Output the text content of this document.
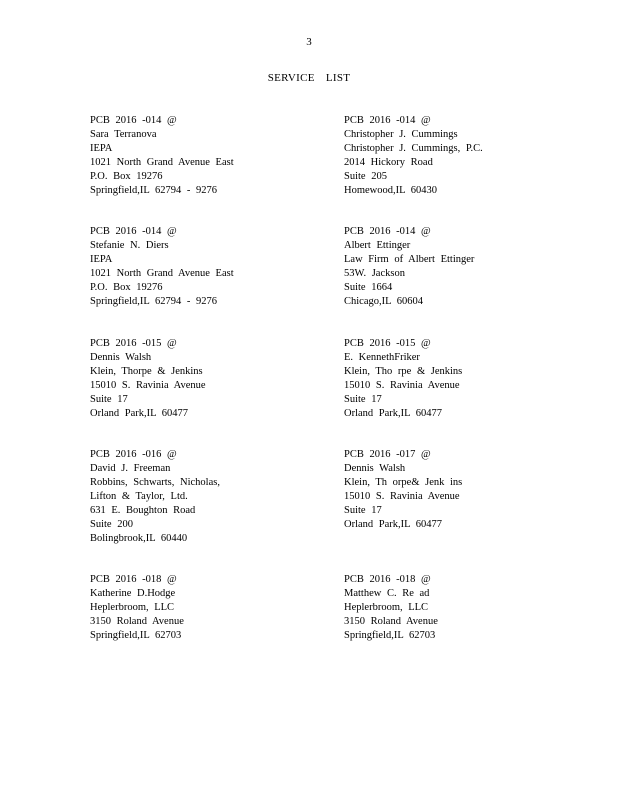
3
SERVICE LIST
PCB 2016 -014 @
Sara Terranova
IEPA
1021 North Grand Avenue East
P.O. Box 19276
Springfield,IL 62794 - 9276
PCB 2016 -014 @
Christopher J. Cummings
Christopher J. Cummings, P.C.
2014 Hickory Road
Suite 205
Homewood,IL 60430
PCB 2016 -014 @
Stefanie N. Diers
IEPA
1021 North Grand Avenue East
P.O. Box 19276
Springfield,IL 62794 - 9276
PCB 2016 -014 @
Albert Ettinger
Law Firm of Albert Ettinger
53W. Jackson
Suite 1664
Chicago,IL 60604
PCB 2016 -015 @
Dennis Walsh
Klein, Thorpe & Jenkins
15010 S. Ravinia Avenue
Suite 17
Orland Park,IL 60477
PCB 2016 -015 @
E. KennethFriker
Klein, Tho rpe & Jenkins
15010 S. Ravinia Avenue
Suite 17
Orland Park,IL 60477
PCB 2016 -016 @
David J. Freeman
Robbins, Schwarts, Nicholas,
Lifton & Taylor, Ltd.
631 E. Boughton Road
Suite 200
Bolingbrook,IL 60440
PCB 2016 -017 @
Dennis Walsh
Klein, Th orpe& Jenk ins
15010 S. Ravinia Avenue
Suite 17
Orland Park,IL 60477
PCB 2016 -018 @
Katherine D.Hodge
Heplerbroom, LLC
3150 Roland Avenue
Springfield,IL 62703
PCB 2016 -018 @
Matthew C. Re ad
Heplerbroom, LLC
3150 Roland Avenue
Springfield,IL 62703
